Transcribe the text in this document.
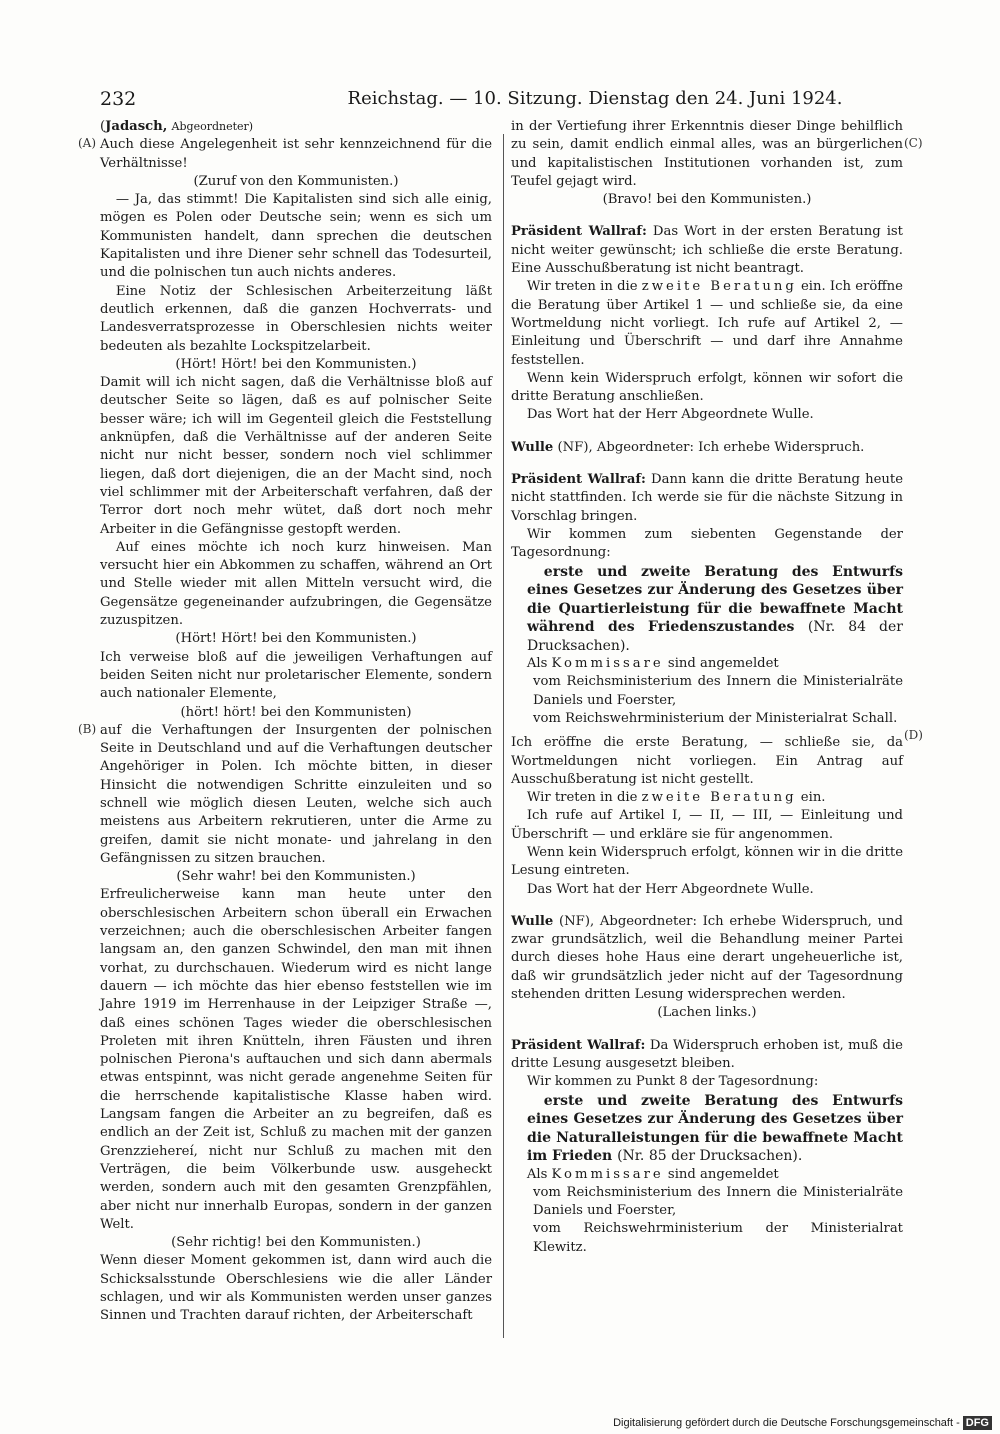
232	Reichstag. — 10. Sitzung. Dienstag den 24. Juni 1924.
(A)
(B)
(C)
(D)

(Jadasch, Abgeordneter)

Auch diese Angelegenheit ist sehr kennzeichnend für die Verhältnisse!

(Zuruf von den Kommunisten.)

— Ja, das stimmt! Die Kapitalisten sind sich alle einig, mögen es Polen oder Deutsche sein; wenn es sich um Kommunisten handelt, dann sprechen die deutschen Kapitalisten und ihre Diener sehr schnell das Todesurteil, und die polnischen tun auch nichts anderes.

Eine Notiz der Schlesischen Arbeiterzeitung läßt deutlich erkennen, daß die ganzen Hochverrats- und Landesverratsprozesse in Oberschlesien nichts weiter bedeuten als bezahlte Lockspitzelarbeit.

(Hört! Hört! bei den Kommunisten.)

Damit will ich nicht sagen, daß die Verhältnisse bloß auf deutscher Seite so lägen, daß es auf polnischer Seite besser wäre; ich will im Gegenteil gleich die Feststellung anknüpfen, daß die Verhältnisse auf der anderen Seite nicht nur nicht besser, sondern noch viel schlimmer liegen, daß dort diejenigen, die an der Macht sind, noch viel schlimmer mit der Arbeiterschaft verfahren, daß der Terror dort noch mehr wütet, daß dort noch mehr Arbeiter in die Gefängnisse gestopft werden.

Auf eines möchte ich noch kurz hinweisen. Man versucht hier ein Abkommen zu schaffen, während an Ort und Stelle wieder mit allen Mitteln versucht wird, die Gegensätze gegeneinander aufzubringen, die Gegensätze zuzuspitzen.

(Hört! Hört! bei den Kommunisten.)

Ich verweise bloß auf die jeweiligen Verhaftungen auf beiden Seiten nicht nur proletarischer Elemente, sondern auch nationaler Elemente,

(hört! hört! bei den Kommunisten)

auf die Verhaftungen der Insurgenten der polnischen Seite in Deutschland und auf die Verhaftungen deutscher Angehöriger in Polen. Ich möchte bitten, in dieser Hinsicht die notwendigen Schritte einzuleiten und so schnell wie möglich diesen Leuten, welche sich auch meistens aus Arbeitern rekrutieren, unter die Arme zu greifen, damit sie nicht monate- und jahrelang in den Gefängnissen zu sitzen brauchen.

(Sehr wahr! bei den Kommunisten.)

Erfreulicherweise kann man heute unter den oberschlesischen Arbeitern schon überall ein Erwachen verzeichnen; auch die oberschlesischen Arbeiter fangen langsam an, den ganzen Schwindel, den man mit ihnen vorhat, zu durchschauen. Wiederum wird es nicht lange dauern — ich möchte das hier ebenso feststellen wie im Jahre 1919 im Herrenhause in der Leipziger Straße —, daß eines schönen Tages wieder die oberschlesischen Proleten mit ihren Knütteln, ihren Fäusten und ihren polnischen Pierona's auftauchen und sich dann abermals etwas entspinnt, was nicht gerade angenehme Seiten für die herrschende kapitalistische Klasse haben wird. Langsam fangen die Arbeiter an zu begreifen, daß es endlich an der Zeit ist, Schluß zu machen mit der ganzen Grenzziehereí, nicht nur Schluß zu machen mit den Verträgen, die beim Völkerbunde usw. ausgeheckt werden, sondern auch mit den gesamten Grenzpfählen, aber nicht nur innerhalb Europas, sondern in der ganzen Welt.

(Sehr richtig! bei den Kommunisten.)

Wenn dieser Moment gekommen ist, dann wird auch die Schicksalsstunde Oberschlesiens wie die aller Länder schlagen, und wir als Kommunisten werden unser ganzes Sinnen und Trachten darauf richten, der Arbeiterschaft

in der Vertiefung ihrer Erkenntnis dieser Dinge behilflich zu sein, damit endlich einmal alles, was an bürgerlichen und kapitalistischen Institutionen vorhanden ist, zum Teufel gejagt wird.

(Bravo! bei den Kommunisten.)

Präsident Wallraf: Das Wort in der ersten Beratung ist nicht weiter gewünscht; ich schließe die erste Beratung. Eine Ausschußberatung ist nicht beantragt.

Wir treten in die zweite Beratung ein. Ich eröffne die Beratung über Artikel 1 — und schließe sie, da eine Wortmeldung nicht vorliegt. Ich rufe auf Artikel 2, — Einleitung und Überschrift — und darf ihre Annahme feststellen.

Wenn kein Widerspruch erfolgt, können wir sofort die dritte Beratung anschließen.

Das Wort hat der Herr Abgeordnete Wulle.

Wulle (NF), Abgeordneter: Ich erhebe Widerspruch.

Präsident Wallraf: Dann kann die dritte Beratung heute nicht stattfinden. Ich werde sie für die nächste Sitzung in Vorschlag bringen.

Wir kommen zum siebenten Gegenstande der Tagesordnung:

erste und zweite Beratung des Entwurfs eines Gesetzes zur Änderung des Gesetzes über die Quartierleistung für die bewaffnete Macht während des Friedenszustandes (Nr. 84 der Drucksachen).

Als Kommissare sind angemeldet

vom Reichsministerium des Innern die Ministerialräte Daniels und Foerster,

vom Reichswehrministerium der Ministerialrat Schall.

Ich eröffne die erste Beratung, — schließe sie, da Wortmeldungen nicht vorliegen. Ein Antrag auf Ausschußberatung ist nicht gestellt.

Wir treten in die zweite Beratung ein.

Ich rufe auf Artikel I, — II, — III, — Einleitung und Überschrift — und erkläre sie für angenommen.

Wenn kein Widerspruch erfolgt, können wir in die dritte Lesung eintreten.

Das Wort hat der Herr Abgeordnete Wulle.

Wulle (NF), Abgeordneter: Ich erhebe Widerspruch, und zwar grundsätzlich, weil die Behandlung meiner Partei durch dieses hohe Haus eine derart ungeheuerliche ist, daß wir grundsätzlich jeder nicht auf der Tagesordnung stehenden dritten Lesung widersprechen werden.

(Lachen links.)

Präsident Wallraf: Da Widerspruch erhoben ist, muß die dritte Lesung ausgesetzt bleiben.

Wir kommen zu Punkt 8 der Tagesordnung:

erste und zweite Beratung des Entwurfs eines Gesetzes zur Änderung des Gesetzes über die Naturalleistungen für die bewaffnete Macht im Frieden (Nr. 85 der Drucksachen).

Als Kommissare sind angemeldet

vom Reichsministerium des Innern die Ministerialräte Daniels und Foerster,

vom Reichswehrministerium der Ministerialrat Klewitz.

Digitalisierung gefördert durch die Deutsche Forschungsgemeinschaft - DFG
